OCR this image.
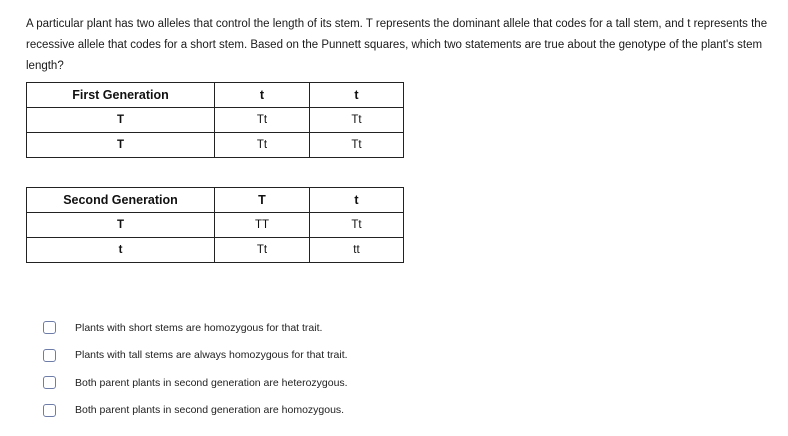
A particular plant has two alleles that control the length of its stem. T represents the dominant allele that codes for a tall stem, and t represents the recessive allele that codes for a short stem. Based on the Punnett squares, which two statements are true about the genotype of the plant's stem length?

First Generation	t	t
T	Tt	Tt
T	Tt	Tt
Second Generation	T	t
T	TT	Tt
t	Tt	tt
Plants with short stems are homozygous for that trait.
Plants with tall stems are always homozygous for that trait.
Both parent plants in second generation are heterozygous.
Both parent plants in second generation are homozygous.
